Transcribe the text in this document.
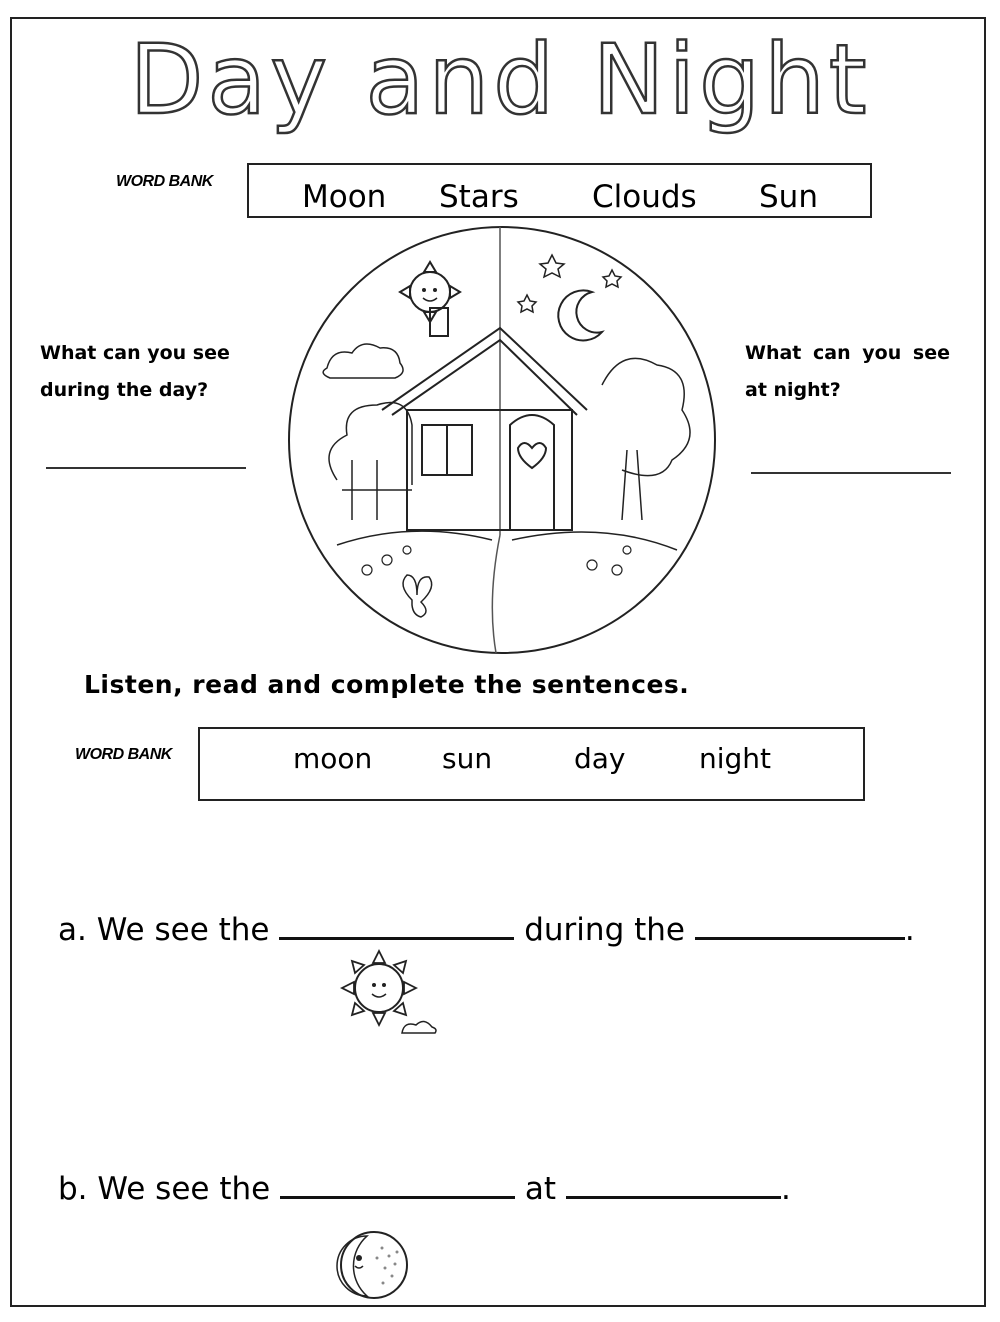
Day and Night
WORD BANK	Moon Stars Clouds Sun
What can you see during the day?
What can you see at night?
Listen, read and complete the sentences.
WORD BANK	moon sun	day	night
a. We see the	during the	.
b. We see the	at	.
